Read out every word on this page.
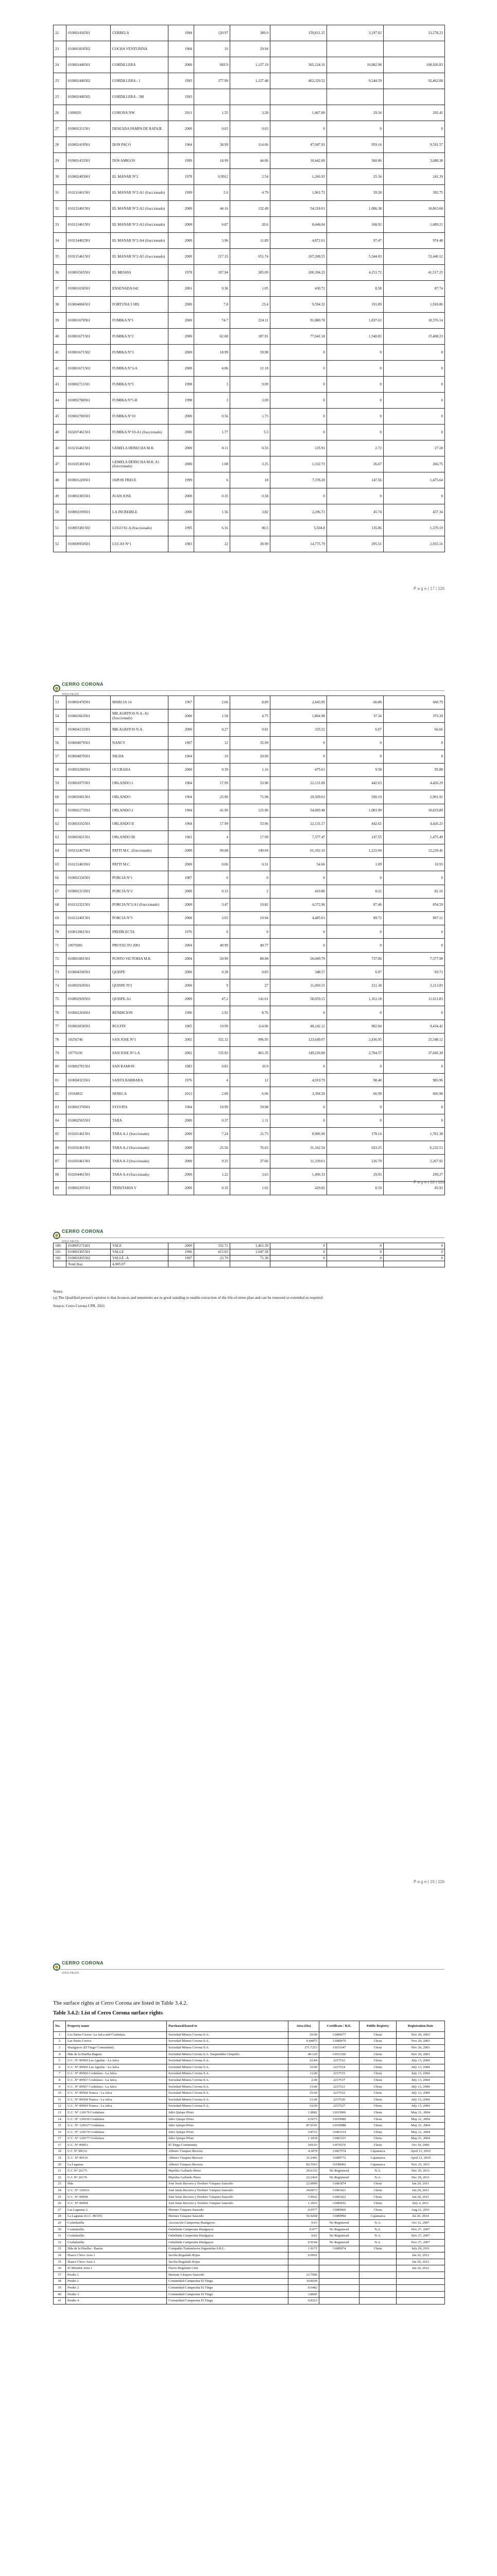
22	010002436501	CEBRELA	1994	120.97	389.9	159,831.25	3,197.02	33,578.23
23	010001810502	COCHA VENTURINA	1964	16	29.94			
24	010002440501	CORDILLERA	2000	683.9	1,127.19	365,124.16	10,882.98	108,926.83
25	010002440502	CORDILLERA - 1	1993	377.99	1,127.48	462,329.52	9,244.59	92,462.00
25	010002440505	CORDILLERA - 3M	1993					
26	1100920	CORONA NW	2011	1.55	3.58	1,467.00	29.34	293.42
27	010002311501	DESEADA PAMPA DE RATAJE	2000	0.03	0.03	0	0	0
28	010002419501	DON PACO	1964	38.99	114.06	47,947.93	959.16	9,591.57
29	010001453501	DOS AMIGOS	1999	18.99	44.06	18,442.00	368.86	3,688.38
30	010002405001	EL MANAR N°2	1978	0.9912	2.54	1,266.93	25.34	241.39
31	010211461501	EL MANAR N°2-A1 (fraccionado)	1999	2.6	4.79	1,961.72	39.28	392.75
32	010212401501	EL MANAR N°2-A2 (fraccionado)	2000	44.16	132.49	54,318.01	1,086.38	10,863.60
33	010213461501	EL MANAR N°2-A3 (fraccionado)	2000	6.87	20.6	8,446.04	168.92	1,689.21
34	010214402501	EL MANAR N°2-A4 (fraccionado)	2000	3.96	11.89	4,872.61	97.47	974.48
35	010215461501	EL MANAR N°2-A5 (fraccionado)	2000	217.33	651.74	267,208.55	5,344.03	53,440.12
36	010001565501	EL MESIAS	1978	107.94	385.09	200,394.25	4,151.72	41,517.25
37	010001658501	ENSENADA 042	2001	0.36	1.05	430.72	8.58	87.74
38	010004066501	FORTUNA 3 SRL	2000	7.8	23.4	9,594.32	191.89	1,918.86
39	010001670501	FUMIKA N°1	2000	74.7	224.11	91,880.78	1,837.62	18,376.14
40	010001671501	FUMIKA N°2	2000	62.68	187.91	77,041.18	1,540.82	15,408.23
41	010001671502	FUMIKA N°3	2000	18.99	59.98	0	0	0
42	010001671503	FUMIKA N°3-A	2000	4.06	12.18	0	0	0
43	010002711501	FUMIKA N°5	1998	3	9.09	0	0	0
44	010002780501	FUMIKA N°5-B	1998	3	3.09	0	0	0
45	010002780501	FUMIKA N°10	2000	0.56	1.73	0	0	0
46	010207461501	FUMIKA N°10-A1 (fraccionado)	2000	1.77	5.3	0	0	0
46	010216461501	GEMELA DERECHA M.R.	2000	0.11	0.33	135.91	2.72	27.18
47	010105381501	GEMELA DERECHA M.R. A1 (fraccionado)	2000	1.08	3.25	1,332.73	26.67	266.75
48	010001220501	JAPON TRECE	1999	6	18	7,378.20	147.56	1,475.64
49	010002385501	JUAN JOSE	2000	0.35	0.58	0	0	0
50	010002199501	LA INCREIBLE	2000	1.56	3.82	2,296.71	45.74	457.34
51	010003381502	LUGO 92-A (fraccionado)	1995	6.16	80.5	5,504.8	135.86	1,370.19
52	010009950501	LUCAS N°1	1983	22	39.99	14,775.79	295.51	2,955.16
P a g e | 17 | 116
CERRO CORONA
GOLD FIELDS
53	010002478501	MARCIA 14	1967	2.66	8.09	2,843.95	66.88	668.79
54	010002663501	MILAGRITOS N.A.-A1 (fraccionado)	2000	1.58	4.75	1,864.98	37.34	373.39
55	010004133501	MILAGRITOS N.A.	2000	0.27	0.81	335.52	6.67	66.66
56	010004079501	NANCY	1967	12	35.99	0	0	0
57	010004079501	NILDA	1964	10	29.99	0	0	0
58	010003280501	OCURADA	2000	0.39	1.16	475.61	9.58	95.88
59	010002075501	ORLANDO 1	1964	17.99	53.98	22,131.00	442.63	4,426.29
60	010002081501	ORLANDO	1964	25.99	71.98	29,509.61	590.19	5,901.92
61	010002173501	ORLANDO 2	1964	41.99	125.96	54,609.40	1,081.99	10,819.89
62	010003192501	ORLANDO II	1964	17.99	53.96	22,131.17	442.62	4,426.23
63	010001821501	ORLANDO III	1961	4	17.99	7,377.47	147.55	1,475.49
64	010212467501	PATTI M.C. (fraccionado)	2000	99.68	149.04	61,102.10	1,222.04	12,220.42
65	010212463501	PATTI M.C.	2000	0.06	0.31	54.66	1.09	10.93
66	010002336501	PORCIA N°1	1967	0	0	0	0	0
67	010002313501	PORCIA N°2	2000	0.33	2	410.86	8.22	82.16
68	010212321501	PORCIA N°2-A1 (fraccionado)	2000	3.47	10.82	4,372.96	87.46	854.59
69	010212401501	PORCIA N°3	2000	3.65	10.94	4,485.61	89.72	897.12
70	010012061501	PREDILECTA	1976	0	0	0	0	0
71	10076981	PROYECTO 2001	2004	40.99	49.77	0	0	0
72	010001081501	PUNTO VICTORIA M.R.	2004	20.99	80.98	20,049.79	737.06	7,377.98
73	010004190501	QUISPE	2000	0.28	0.83	348.57	6.97	69.71
74	010002920501	QUISPE N°2	2000	9	27	11,069.15	221.38	2,213.83
75	010002920503	QUISPE-A1	2000	47.2	141.61	58,059.15	1,161.18	11,611.83
76	010002204501	RENDICION	1996	2.92	8.76	0	0	0
77	010002058501	RULFIN	1965	19.99	114.06	48,142.12	902.04	9,434.42
78	10256740	SAN JOSE N°1	2002	332.32	996.95	123,649.07	2,436.95	25,548.12
79	10776191	SAN JOSE N°1-A	2002	135.93	401.35	149,226.00	2,704.57	37,845.30
80	010002781501	SAN RAMON	1983	0.83	10.9	0	0	0
81	010004323501	SANTA BARBARA	1976	4	12	4,919.79	98.40	983.96
82	10164812	SENECA	2013	2.09	6.06	3,394.59	66.99	666.98
83	010002370501	SYLVITA	1964	19.99	59.98	0	0	0
84	010002565501	TARA	2000	0.37	1.11	0	0	0
85	010201461501	TARA A-1 (fraccionado)	2000	7.24	21.73	8,906.90	178.14	1,781.38
86	010202461501	TARA A-2 (fraccionado)	2000	25.56	76.63	31,162.54	623.25	6,232.51
87	010203461501	TARA A-3 (fraccionado)	2000	9.25	27.66	11,339.61	226.79	2,267.92
88	010204461501	TARA A-4 (fraccionado)	2000	1.22	3.63	1,496.33	29.93	299.27
89	010002205501	TRINITARIA V	2000	0.35	1.02	429.82	8.59	85.93
P a g e | 18 | 116
CERRO CORONA
GOLD FIELDS
100	010005171601	VALE	2000	332.72	1,461.39	0	0	0
101	010003305501	VALLE	1996	415.03	1,047.58	0	0	0
102	010003205502	VALLE -A	1997	23.79	71.38	0	0	0
	Total (ha)	4,005.07						
Notes:
(a) The Qualified person's opinion is that licences and tenements are in good standing to enable extraction of the life-of-mine plan and can be renewed or extended as required.
Source: Cerro Corona CPR, 2021
P a g e | 19 | 116
CERRO CORONA
GOLD FIELDS
The surface rights at Cerro Corona are listed in Table 3.4.2.
Table 3.4.2: List of Cerro Corona surface rights
No.	Property name	Purchased/leased to	Area (Ha)	Certificate / R.E.	Public Registry	Registration Date
1	Los Sietes Cerros- La Jalca and Coshnlara	Sociedad Minera Corona S.A.	20.00	11080677	Chota	Nov 20, 2003
2	Las Sietes Cerros	Sociedad Minera Corona S.A.	0.44875	11080679	Chota	Nov 20, 2003
3	Hualgayoc (El Tingo Comunidad)	Sociedad Minera Corona S.A.	271.7253	11031047	Chota	Nov 20, 2003
4	Hda de la Huelba Baguia	Sociedad Minera Corona S.A. Suspendida Chiquillo	49.129	11031350	Chota	Nov 20, 2003
5	U.C. N° 89569 Las Aguilas - La Jalca	Sociedad Minera Corona S.A.	22.84	2237512	Chota	July 13, 2004
6	U.C. N° 89569 Las Aguilas - La Jalca	Sociedad Minera Corona S.A.	10.00	2237514	Chota	July 13, 2004
7	U.C. N° 89569 Coshnlara - La Jalca	Sociedad Minera Corona S.A.	11.00	2237515	Chota	July 13, 2004
8	U.C. N° 89567 Coshnlara - La Jalca	Sociedad Minera Corona S.A.	2.00	2237517	Chota	July 13, 2004
9	U.C. N° 89567 Coshnlara - La Jalca	Sociedad Minera Corona S.A.	15.00	2237521	Chota	July 13, 2004
10	U.C. N° 89568 Tranca - La Jalca	Sociedad Minera Corona S.A.	25.00	2237522	Chota	July 13, 2004
11	U.C. N° 89568 Tranca - La Jalca	Sociedad Minera Corona S.A.	31.00	2237526	Chota	July 13, 2004
12	U.C. N° 89569 Tranca - La Jalca	Sociedad Minera Corona S.A.	10.00	2237527	Chota	July 13, 2004
13	U.C. N° 120170 Coshnlara	Julio Quispe Pérez	1.0082	11033006	Chota	May 21, 2004
14	U.C. N° 120160 Coshnlara	Julio Quispe Pérez	0.5675	11039989	Chota	May 21, 2004
15	U.C. N° 120167 Coshnlara	Julio Quispe Pérez	87.9195	11039988	Chota	May 21, 2004
16	U.C. N° 120170 Coshnlara	Julio Quispe Pérez	5.8715	11083314	Chota	May 21, 2004
17	U.C. N° 120177 Coshnlara	Julio Quispe Pérez	1.1818	11083315	Chota	May 21, 2004
17	U.C. N° 89953	El Tingo Community	109.93	11076576	Chota	Oct 19, 2006
18	U.C N° 89116	Alberto Vásquez Becerra	4.3079	11067574	Cajamarca	April 13, 2010
19	U.C. N° 89116	Alberto Vásquez Becerra	31.2442	11089772	Cajamarca	April 13, 2010
20	La Lagunas	Alberto Vásquez Becerra	82.5563	11190002	Cajamarca	Nov 23, 2011
21	U.C N° 26175	Hipólito Gallardo Pérez	29.6332	No Registered	N.A.	Dec 20, 2011
22	U.C N° 26176	Hipólito Gallardo Pérez	22.2424	No Registered	N.A.	Dec 20, 2011
23	Hda	José Jesús Becerra y Teodoro Vásquez Saucedo	22.0999	11081874	Chota	Jan 20, 2011
24	U.C. N° 120161	José Jesús Becerra y Teodoro Vásquez Saucedo	34.0073	11081421	Chota	Jan 20, 2011
25	U.C. N° 89958	José Jesús Becerra y Teodoro Vásquez Saucedo	5.9922	11081422	Chota	Jan 20, 2011
26	U.C. N° 89958	José Jesús Becerra y Teodoro Vásquez Saucedo	1.3915	11089932	Chota	July 4, 2011
27	Las Lagunas-2	Hermes Vásquez Saucedo	0.0577	11089966	Chota	Aug 11, 2011
28	La Lagunas (U.C. 89335)	Hermes Vásquez Saucedo	55.4268	11089994	Cajamarca	Jul 26, 2014
29	Coshnlarilla	Asociación Campesina Hualgayoc	0.03	No Registered	N.A.	Oct 12, 2007
30	Coshnlarilla	Osbelinda Campesina Hualgayoc	0.077	No Registered	N.A.	Nov 27, 2007
31	Coshnlarilla	Osbelinda Campesina Hualgayoc	0.02	No Registered	N.A.	Nov 27, 2007
32	Coshnlarilla	Osbelinda Campesina Hualgayoc	0.0144	No Registered	N.A.	Nov 27, 2007
33	Hda de la Huelba - Baeria	Compañía Transmisora Sugarmina S.R.L.	1.9172	11089974	Chota	July 29, 2011
34	Huaco Chico Area 1	Jacoba Regalado Rojas	0.0092			Jan 20, 2012
35	Huaco Chico Area 2	Jacoba Regalado Rojas				Jan 20, 2012
36	El Mirador Area 1	Flavio Regalado Cruz				Jan 20, 2012
37	Predio 1	Herman Vásquez Saucedo	23.7996			
38	Predio 1	Comunidad Campesina El Tingo	19.8100			
39	Predio 2	Comunidad Campesina El Tingo	0.6442			
40	Predio 3	Comunidad Campesina El Tingo	3.8045			
41	Predio 4	Comunidad Campesina El Tingo	0.8223			
